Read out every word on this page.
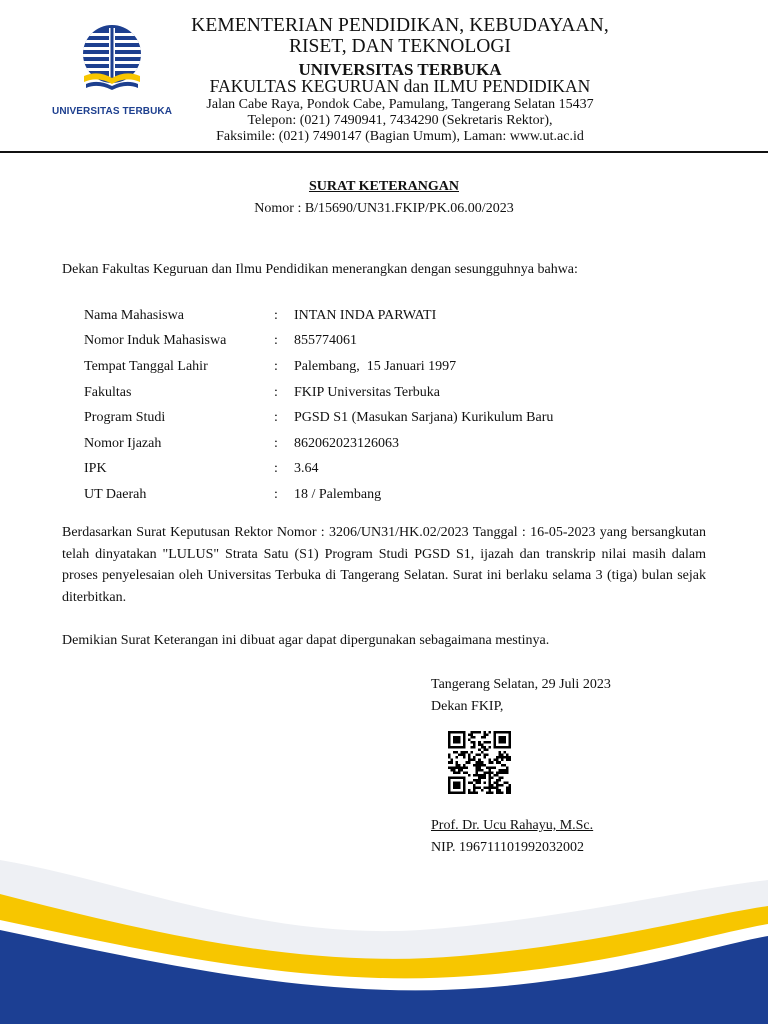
UNIVERSITAS TERBUKA
KEMENTERIAN PENDIDIKAN, KEBUDAYAAN,
RISET, DAN TEKNOLOGI
UNIVERSITAS TERBUKA
FAKULTAS KEGURUAN dan ILMU PENDIDIKAN
Jalan Cabe Raya, Pondok Cabe, Pamulang, Tangerang Selatan 15437
Telepon: (021) 7490941, 7434290 (Sekretaris Rektor),
Faksimile: (021) 7490147 (Bagian Umum), Laman: www.ut.ac.id
SURAT KETERANGAN
Nomor : B/15690/UN31.FKIP/PK.06.00/2023
Dekan Fakultas Keguruan dan Ilmu Pendidikan menerangkan dengan sesungguhnya bahwa:
Nama Mahasiswa	:	INTAN INDA PARWATI
Nomor Induk Mahasiswa	:	855774061
Tempat Tanggal Lahir	:	Palembang,  15 Januari 1997
Fakultas	:	FKIP Universitas Terbuka
Program Studi	:	PGSD S1 (Masukan Sarjana) Kurikulum Baru
Nomor Ijazah	:	862062023126063
IPK	:	3.64
UT Daerah	:	18 / Palembang
Berdasarkan Surat Keputusan Rektor Nomor : 3206/UN31/HK.02/2023 Tanggal : 16-05-2023 yang bersangkutan telah dinyatakan "LULUS" Strata Satu (S1) Program Studi PGSD S1, ijazah dan transkrip nilai masih dalam proses penyelesaian oleh Universitas Terbuka di Tangerang Selatan. Surat ini berlaku selama 3 (tiga) bulan sejak diterbitkan.
Demikian Surat Keterangan ini dibuat agar dapat dipergunakan sebagaimana mestinya.
Tangerang Selatan, 29 Juli 2023
Dekan FKIP,
Prof. Dr. Ucu Rahayu, M.Sc.
NIP. 196711101992032002
